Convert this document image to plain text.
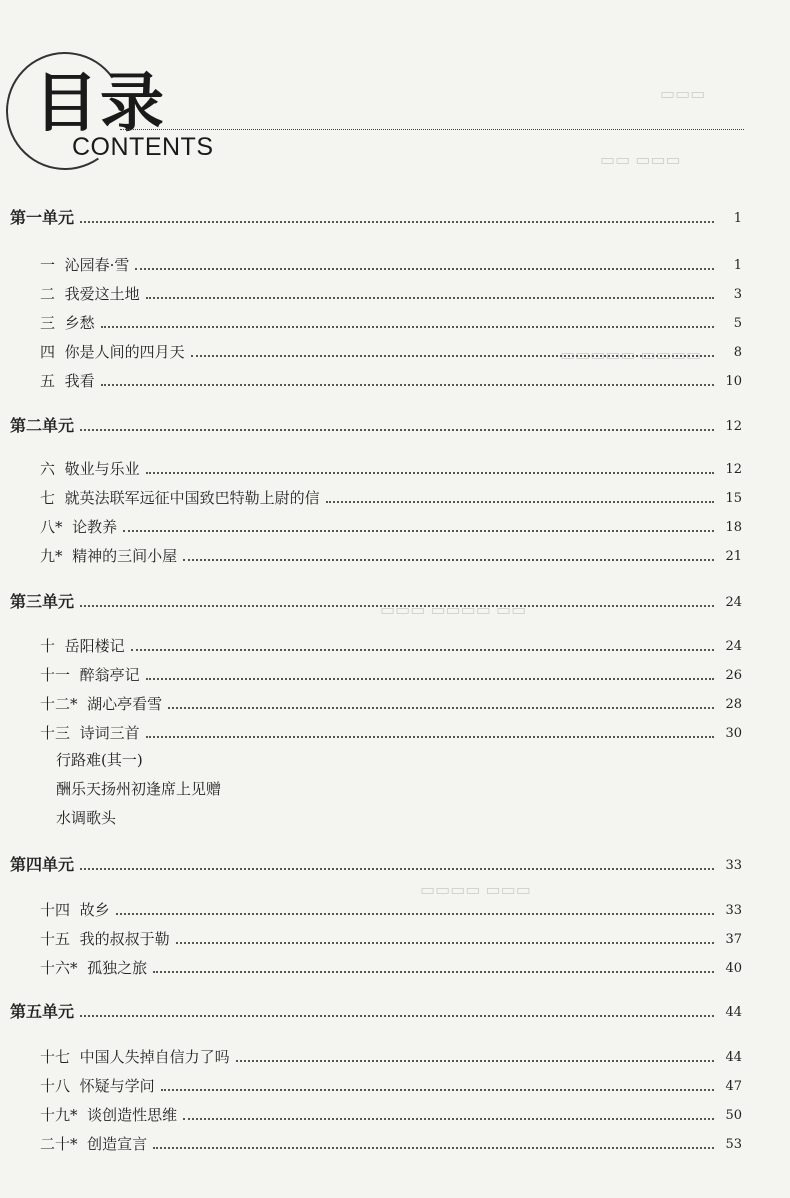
▭▭▭
▭▭ ▭▭▭
▭▭▭▭▭ ▭▭▭▭
▭▭▭ ▭▭▭▭ ▭▭
▭▭▭▭ ▭▭▭
目录
CONTENTS
第一单元	1
一 沁园春·雪	1
二 我爱这土地	3
三 乡愁	5
四 你是人间的四月天	8
五 我看	10
第二单元	12
六 敬业与乐业	12
七 就英法联军远征中国致巴特勒上尉的信	15
八* 论教养	18
九* 精神的三间小屋	21
第三单元	24
十 岳阳楼记	24
十一 醉翁亭记	26
十二* 湖心亭看雪	28
十三 诗词三首	30
行路难(其一)
酬乐天扬州初逢席上见赠
水调歌头
第四单元	33
十四 故乡	33
十五 我的叔叔于勒	37
十六* 孤独之旅	40
第五单元	44
十七 中国人失掉自信力了吗	44
十八 怀疑与学问	47
十九* 谈创造性思维	50
二十* 创造宣言	53
